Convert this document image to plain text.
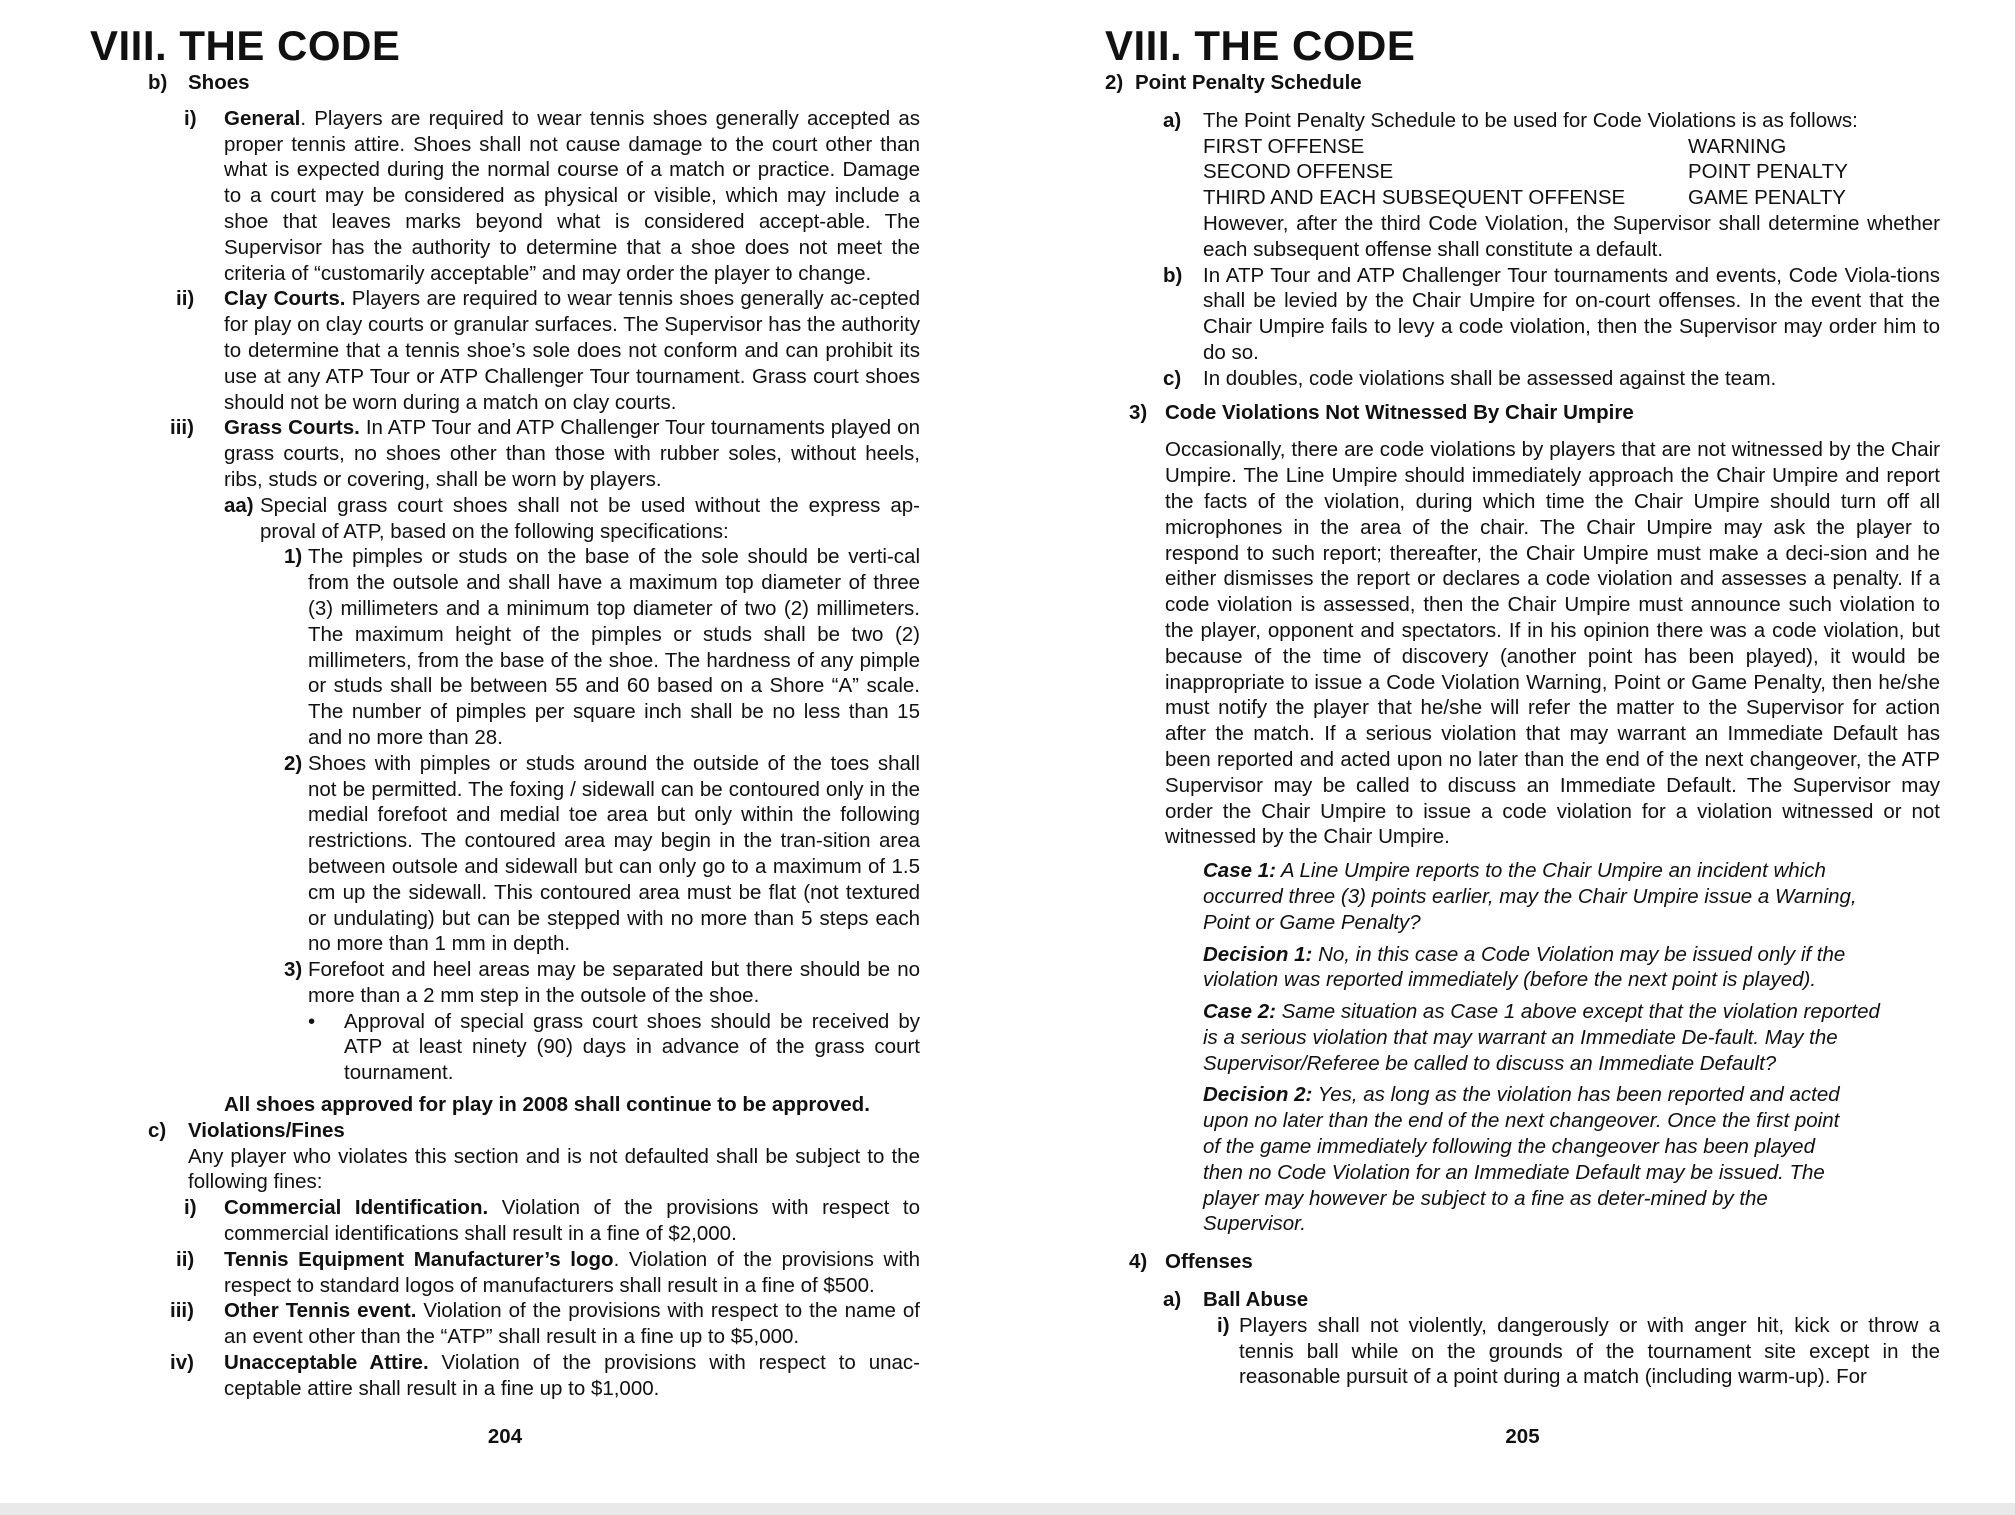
VIII. THE CODE
b) Shoes
i) General. Players are required to wear tennis shoes generally accepted as proper tennis attire. Shoes shall not cause damage to the court other than what is expected during the normal course of a match or practice. Damage to a court may be considered as physical or visible, which may include a shoe that leaves marks beyond what is considered accept-able. The Supervisor has the authority to determine that a shoe does not meet the criteria of “customarily acceptable” and may order the player to change.
ii) Clay Courts. Players are required to wear tennis shoes generally ac-cepted for play on clay courts or granular surfaces. The Supervisor has the authority to determine that a tennis shoe’s sole does not conform and can prohibit its use at any ATP Tour or ATP Challenger Tour tournament. Grass court shoes should not be worn during a match on clay courts.
iii) Grass Courts. In ATP Tour and ATP Challenger Tour tournaments played on grass courts, no shoes other than those with rubber soles, without heels, ribs, studs or covering, shall be worn by players.
aa) Special grass court shoes shall not be used without the express ap-proval of ATP, based on the following specifications:
1) The pimples or studs on the base of the sole should be verti-cal from the outsole and shall have a maximum top diameter of three (3) millimeters and a minimum top diameter of two (2) millimeters. The maximum height of the pimples or studs shall be two (2) millimeters, from the base of the shoe. The hardness of any pimple or studs shall be between 55 and 60 based on a Shore “A” scale. The number of pimples per square inch shall be no less than 15 and no more than 28.
2) Shoes with pimples or studs around the outside of the toes shall not be permitted. The foxing / sidewall can be contoured only in the medial forefoot and medial toe area but only within the following restrictions. The contoured area may begin in the tran-sition area between outsole and sidewall but can only go to a maximum of 1.5 cm up the sidewall. This contoured area must be flat (not textured or undulating) but can be stepped with no more than 5 steps each no more than 1 mm in depth.
3) Forefoot and heel areas may be separated but there should be no more than a 2 mm step in the outsole of the shoe.
• Approval of special grass court shoes should be received by ATP at least ninety (90) days in advance of the grass court tournament.
All shoes approved for play in 2008 shall continue to be approved.
c) Violations/Fines
Any player who violates this section and is not defaulted shall be subject to the following fines:
i) Commercial Identification. Violation of the provisions with respect to commercial identifications shall result in a fine of $2,000.
ii) Tennis Equipment Manufacturer’s logo. Violation of the provisions with respect to standard logos of manufacturers shall result in a fine of $500.
iii) Other Tennis event. Violation of the provisions with respect to the name of an event other than the “ATP” shall result in a fine up to $5,000.
iv) Unacceptable Attire. Violation of the provisions with respect to unac-ceptable attire shall result in a fine up to $1,000.
204
VIII. THE CODE
2) Point Penalty Schedule
a) The Point Penalty Schedule to be used for Code Violations is as follows:
FIRST OFFENSE	WARNING
SECOND OFFENSE	POINT PENALTY
THIRD AND EACH SUBSEQUENT OFFENSE	GAME PENALTY
However, after the third Code Violation, the Supervisor shall determine whether each subsequent offense shall constitute a default.
b) In ATP Tour and ATP Challenger Tour tournaments and events, Code Viola-tions shall be levied by the Chair Umpire for on-court offenses. In the event that the Chair Umpire fails to levy a code violation, then the Supervisor may order him to do so.
c) In doubles, code violations shall be assessed against the team.
3) Code Violations Not Witnessed By Chair Umpire
Occasionally, there are code violations by players that are not witnessed by the Chair Umpire. The Line Umpire should immediately approach the Chair Umpire and report the facts of the violation, during which time the Chair Umpire should turn off all microphones in the area of the chair. The Chair Umpire may ask the player to respond to such report; thereafter, the Chair Umpire must make a deci-sion and he either dismisses the report or declares a code violation and assesses a penalty. If a code violation is assessed, then the Chair Umpire must announce such violation to the player, opponent and spectators. If in his opinion there was a code violation, but because of the time of discovery (another point has been played), it would be inappropriate to issue a Code Violation Warning, Point or Game Penalty, then he/she must notify the player that he/she will refer the matter to the Supervisor for action after the match. If a serious violation that may warrant an Immediate Default has been reported and acted upon no later than the end of the next changeover, the ATP Supervisor may be called to discuss an Immediate Default. The Supervisor may order the Chair Umpire to issue a code violation for a violation witnessed or not witnessed by the Chair Umpire.
Case 1: A Line Umpire reports to the Chair Umpire an incident which occurred three (3) points earlier, may the Chair Umpire issue a Warning, Point or Game Penalty?
Decision 1: No, in this case a Code Violation may be issued only if the violation was reported immediately (before the next point is played).
Case 2: Same situation as Case 1 above except that the violation reported is a serious violation that may warrant an Immediate De-fault. May the Supervisor/Referee be called to discuss an Immediate Default?
Decision 2: Yes, as long as the violation has been reported and acted upon no later than the end of the next changeover. Once the first point of the game immediately following the changeover has been played then no Code Violation for an Immediate Default may be issued. The player may however be subject to a fine as deter-mined by the Supervisor.
4) Offenses
a) Ball Abuse
i) Players shall not violently, dangerously or with anger hit, kick or throw a tennis ball while on the grounds of the tournament site except in the reasonable pursuit of a point during a match (including warm-up). For
205
